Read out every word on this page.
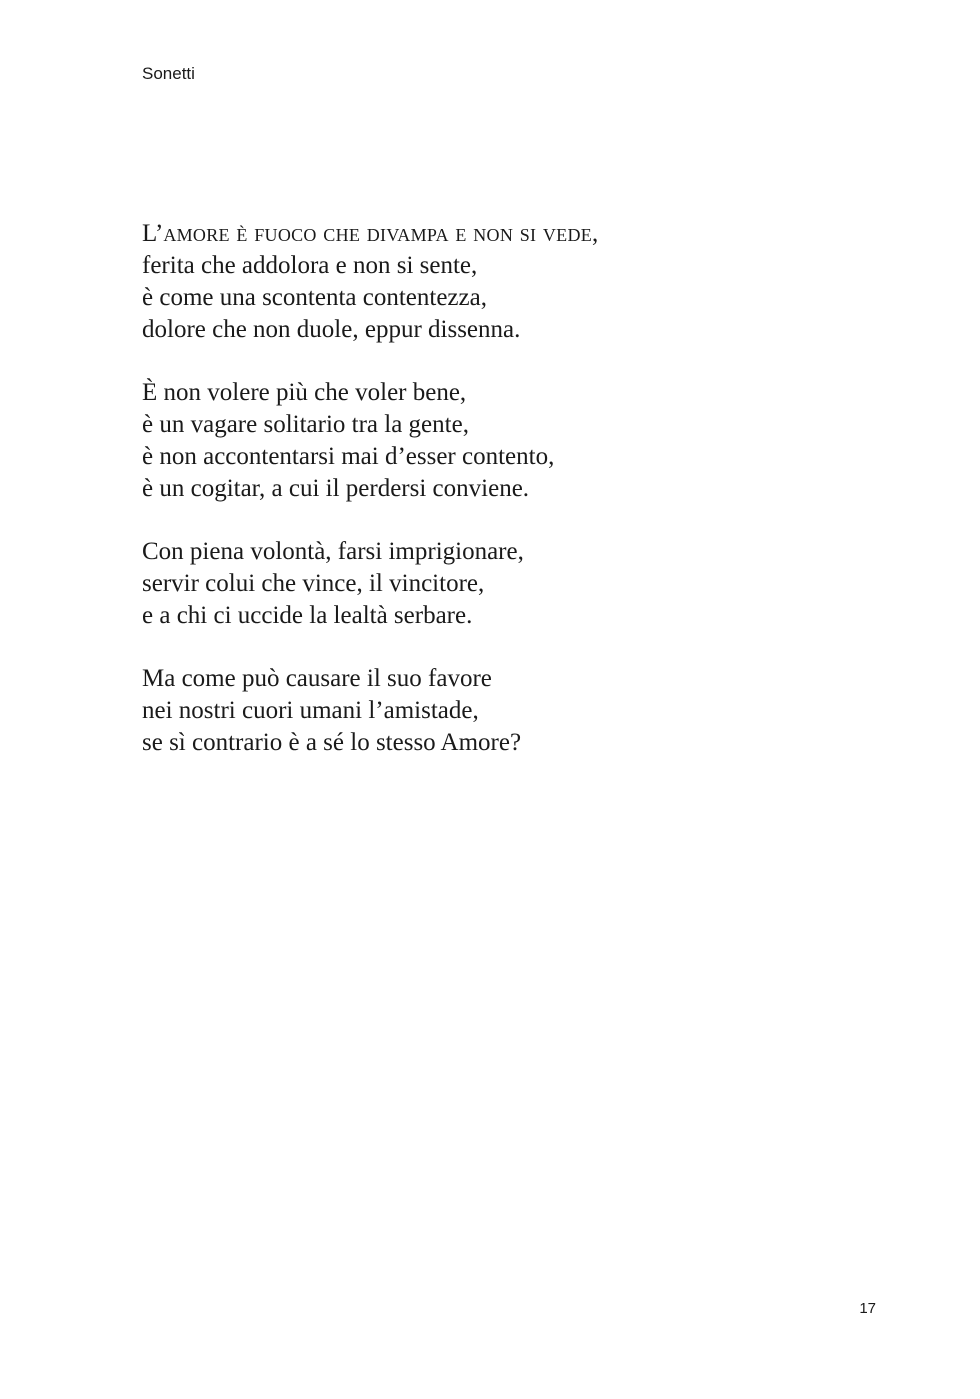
Sonetti
L’amore è fuoco che divampa e non si vede,
ferita che addolora e non si sente,
è come una scontenta contentezza,
dolore che non duole, eppur dissenna.
È non volere più che voler bene,
è un vagare solitario tra la gente,
è non accontentarsi mai d’esser contento,
è un cogitar, a cui il perdersi conviene.
Con piena volontà, farsi imprigionare,
servir colui che vince, il vincitore,
e a chi ci uccide la lealtà serbare.
Ma come può causare il suo favore
nei nostri cuori umani l’amistade,
se sì contrario è a sé lo stesso Amore?
17
